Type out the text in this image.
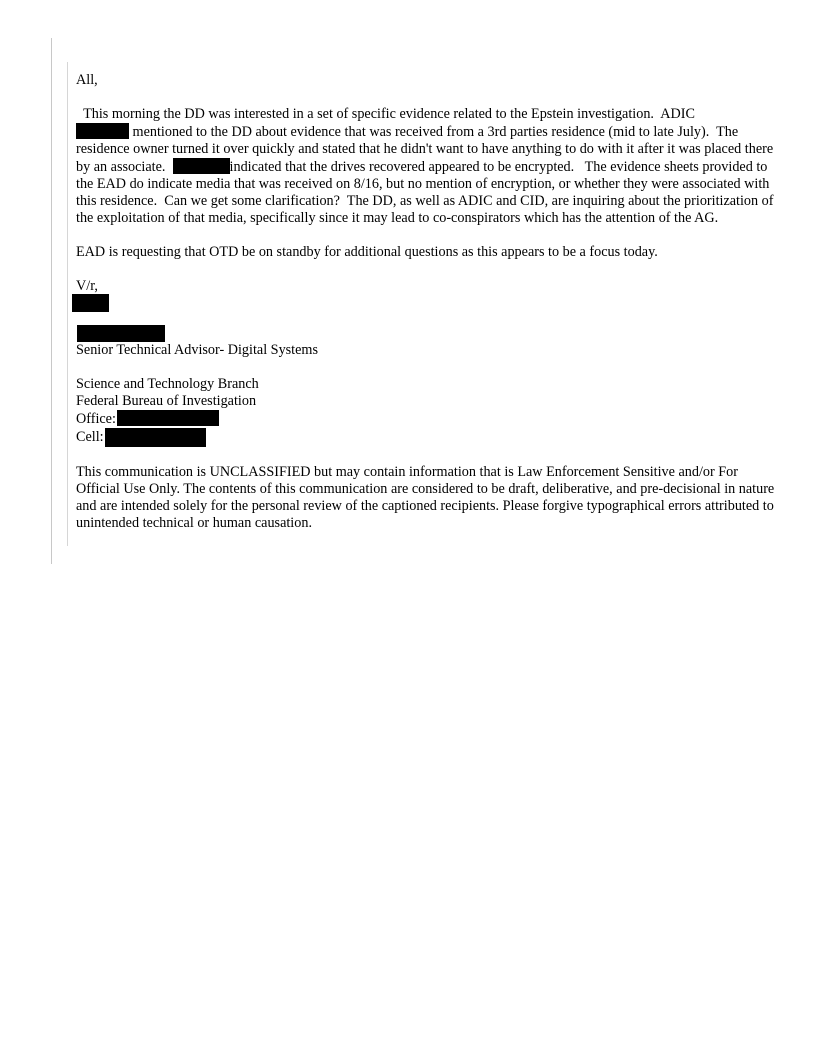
All,

This morning the DD was interested in a set of specific evidence related to the Epstein investigation.  ADIC
mentioned to the DD about evidence that was received from a 3rd parties residence (mid to late July).  The residence owner turned it over quickly and stated that he didn't want to have anything to do with it after it was placed there by an associate.	indicated that the drives recovered appeared to be encrypted.   The evidence sheets provided to the EAD do indicate media that was received on 8/16, but no mention of encryption, or whether they were associated with this residence.  Can we get some clarification?  The DD, as well as ADIC and CID, are inquiring about the prioritization of the exploitation of that media, specifically since it may lead to co-conspirators which has the attention of the AG.

EAD is requesting that OTD be on standby for additional questions as this appears to be a focus today.

V/r,

Senior Technical Advisor- Digital Systems

Science and Technology Branch

Federal Bureau of Investigation

Office:

Cell:

This communication is UNCLASSIFIED but may contain information that is Law Enforcement Sensitive and/or For Official Use Only. The contents of this communication are considered to be draft, deliberative, and pre-decisional in nature and are intended solely for the personal review of the captioned recipients. Please forgive typographical errors attributed to unintended technical or human causation.
